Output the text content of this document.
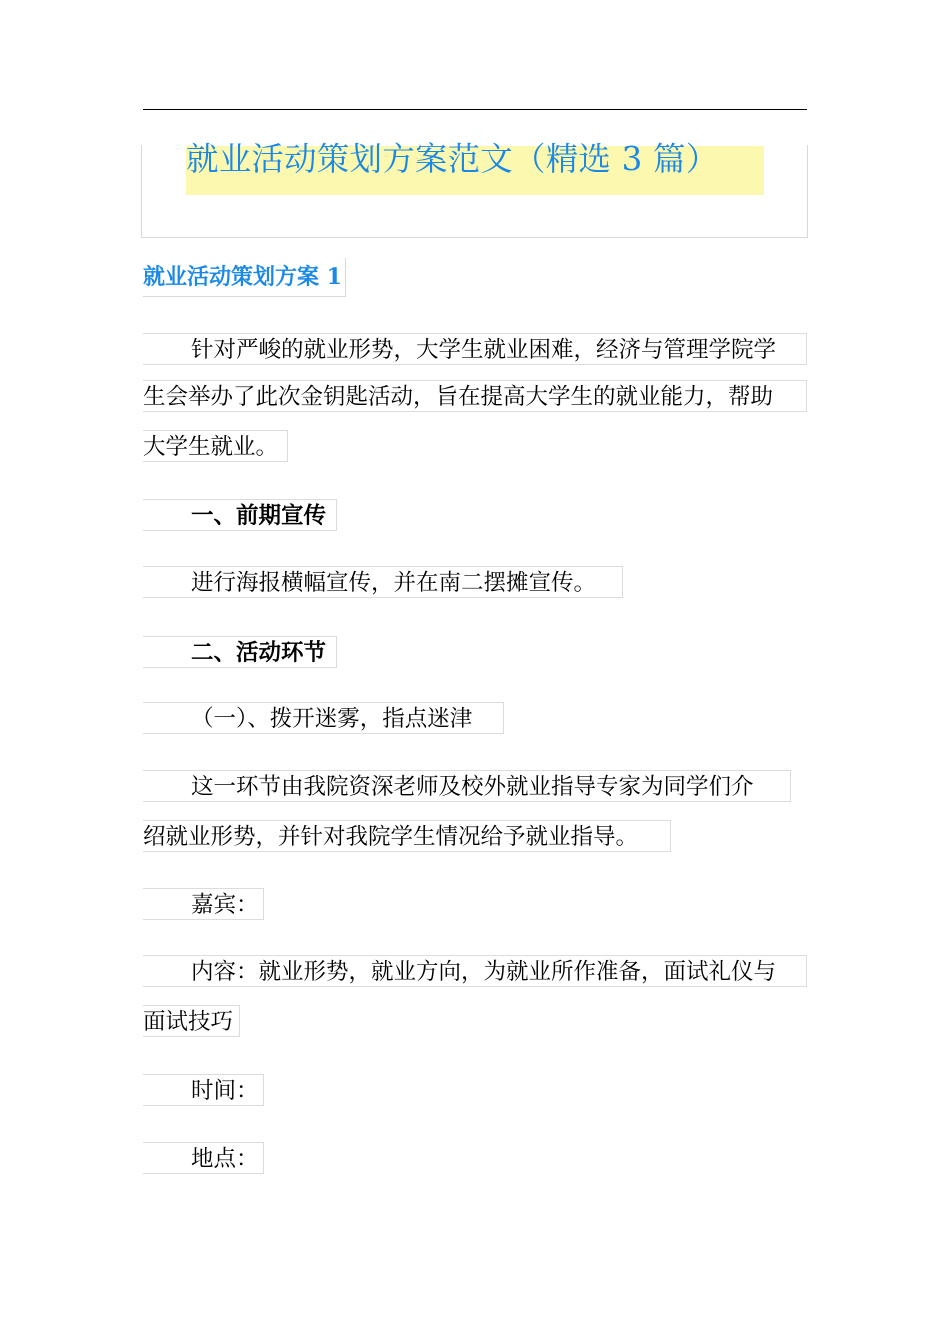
就业活动策划方案范文（精选 3 篇）
就业活动策划方案 1
针对严峻的就业形势，大学生就业困难，经济与管理学院学
生会举办了此次金钥匙活动，旨在提高大学生的就业能力，帮助
大学生就业。
一、前期宣传
进行海报横幅宣传，并在南二摆摊宣传。
二、活动环节
（一）、拨开迷雾，指点迷津
这一环节由我院资深老师及校外就业指导专家为同学们介
绍就业形势，并针对我院学生情况给予就业指导。
嘉宾：
内容：就业形势，就业方向，为就业所作准备，面试礼仪与
面试技巧
时间：
地点：
